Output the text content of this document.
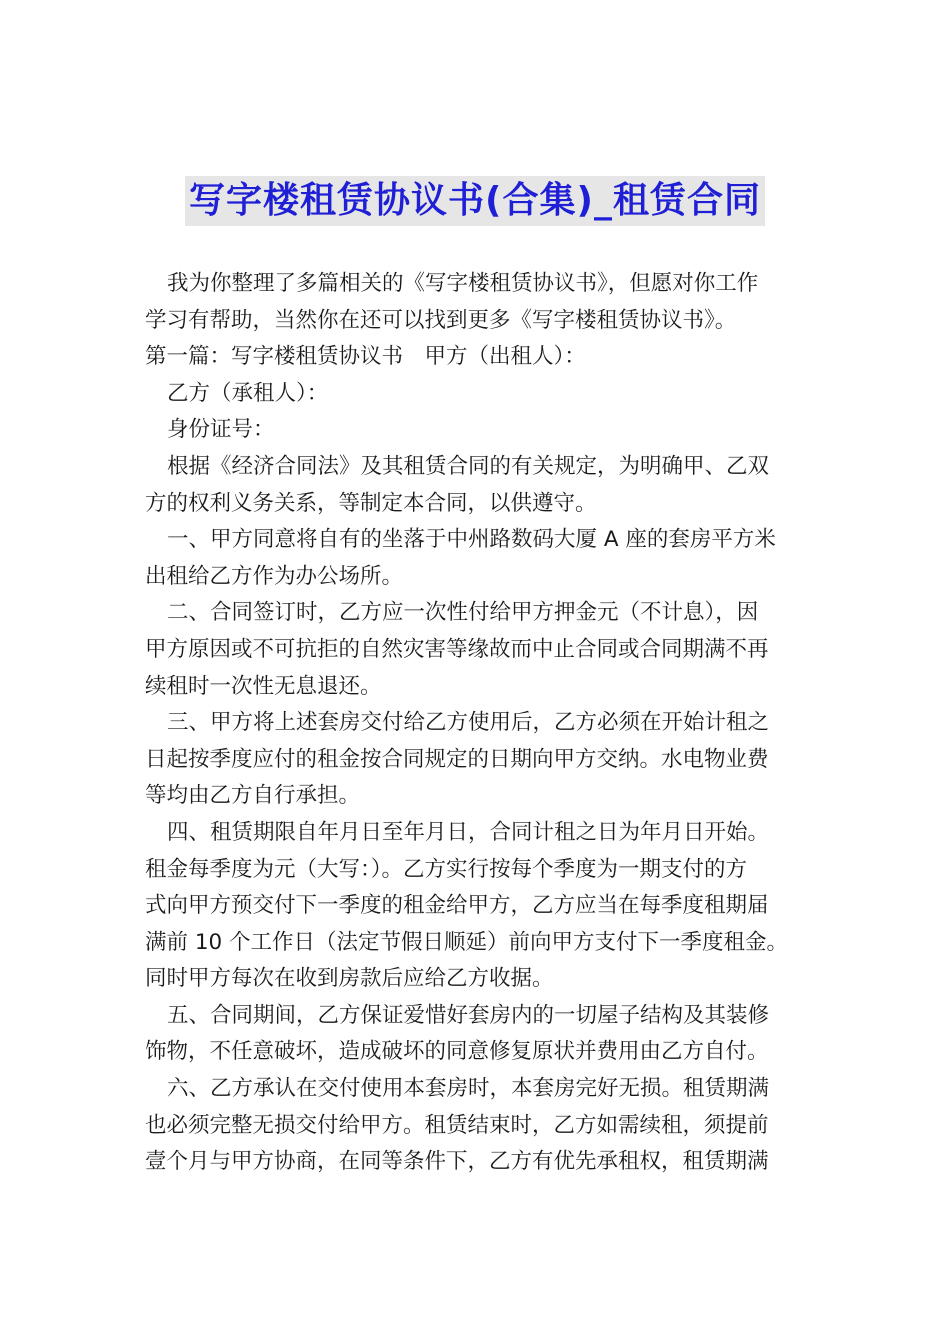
写字楼租赁协议书(合集)_租赁合同
我为你整理了多篇相关的《写字楼租赁协议书》，但愿对你工作
学习有帮助，当然你在还可以找到更多《写字楼租赁协议书》。
第一篇：写字楼租赁协议书　甲方（出租人）：
乙方（承租人）：
身份证号：
根据《经济合同法》及其租赁合同的有关规定，为明确甲、乙双
方的权利义务关系，等制定本合同，以供遵守。
一、甲方同意将自有的坐落于中州路数码大厦 A 座的套房平方米
出租给乙方作为办公场所。
二、合同签订时，乙方应一次性付给甲方押金元（不计息），因
甲方原因或不可抗拒的自然灾害等缘故而中止合同或合同期满不再
续租时一次性无息退还。
三、甲方将上述套房交付给乙方使用后，乙方必须在开始计租之
日起按季度应付的租金按合同规定的日期向甲方交纳。水电物业费
等均由乙方自行承担。
四、租赁期限自年月日至年月日，合同计租之日为年月日开始。
租金每季度为元（大写：）。乙方实行按每个季度为一期支付的方
式向甲方预交付下一季度的租金给甲方，乙方应当在每季度租期届
满前 10 个工作日（法定节假日顺延）前向甲方支付下一季度租金。
同时甲方每次在收到房款后应给乙方收据。
五、合同期间，乙方保证爱惜好套房内的一切屋子结构及其装修
饰物，不任意破坏，造成破坏的同意修复原状并费用由乙方自付。
六、乙方承认在交付使用本套房时，本套房完好无损。租赁期满
也必须完整无损交付给甲方。租赁结束时，乙方如需续租，须提前
壹个月与甲方协商，在同等条件下，乙方有优先承租权，租赁期满
